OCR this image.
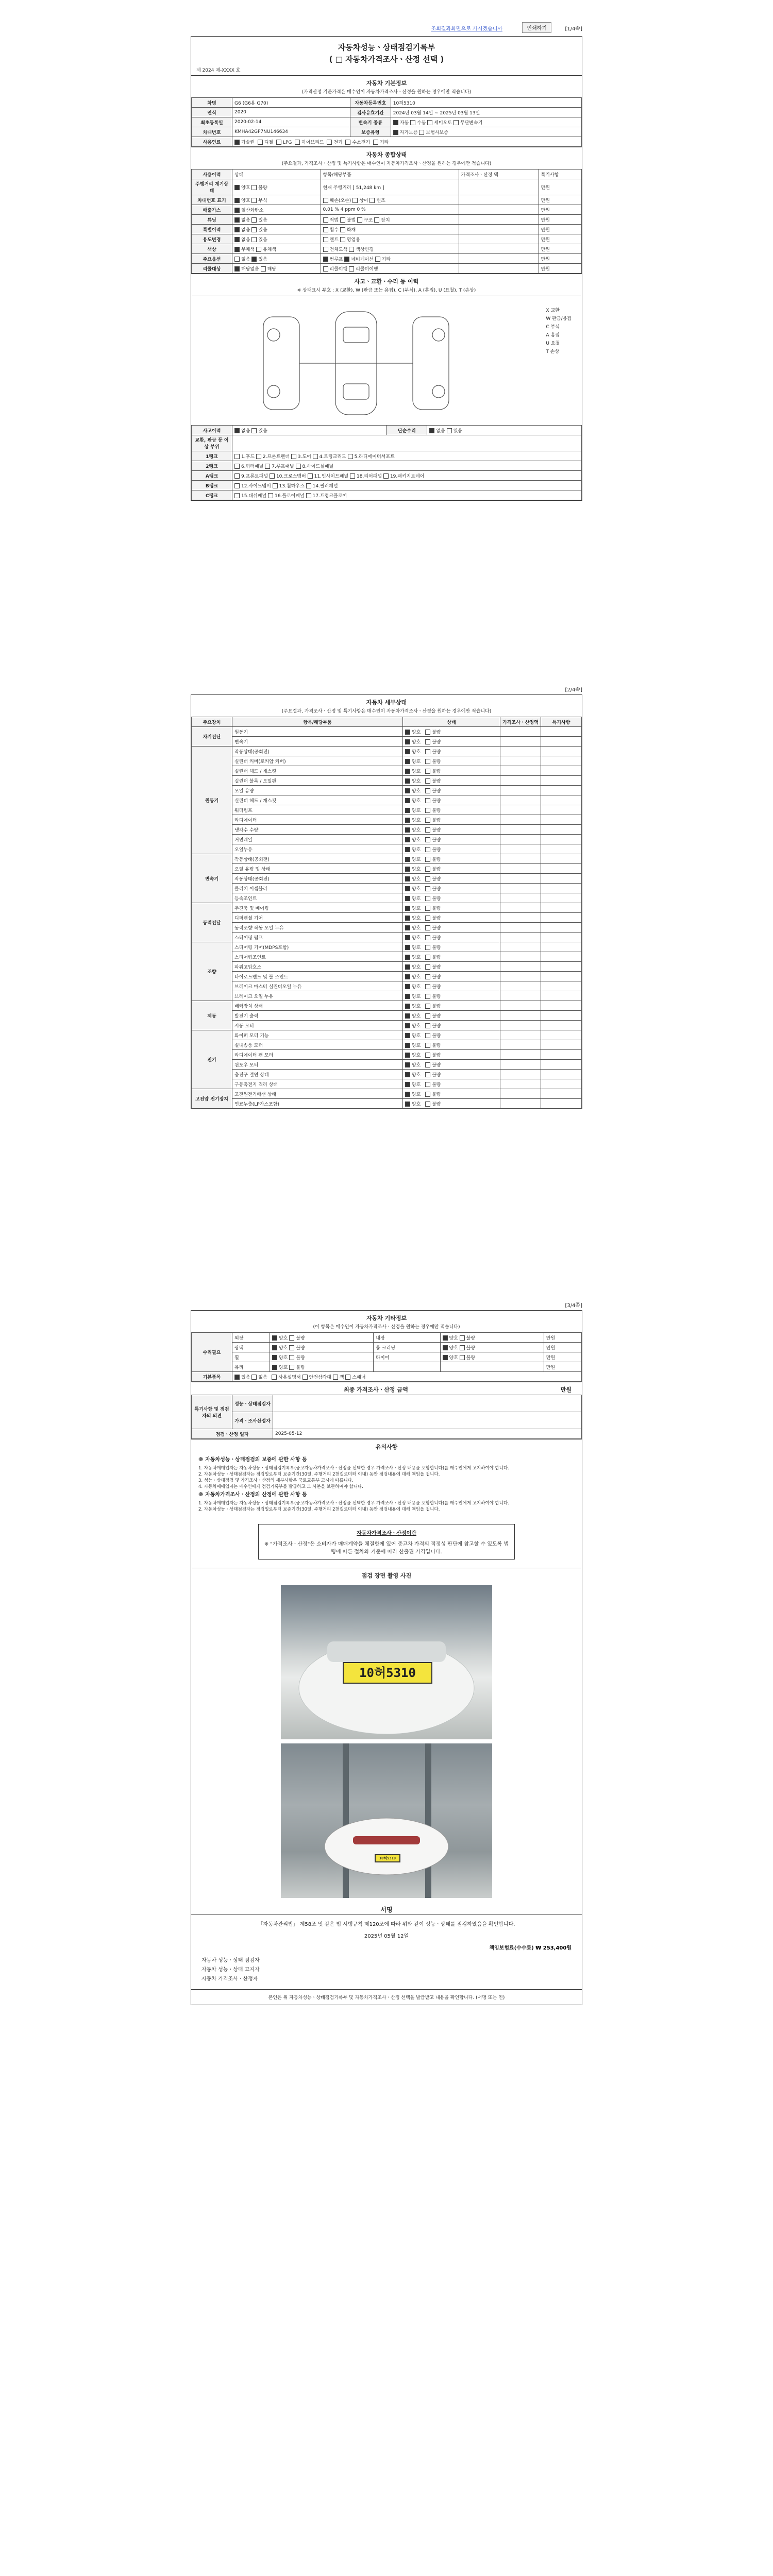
조회결과화면으로 가시겠습니까	인쇄하기	[1/4쪽]
자동차성능ㆍ상태점검기록부
( □ 자동차가격조사ㆍ산정 선택 )
제 2024 제-XXXX 호
자동차 기본정보
(가격산정 기준가격은 매수인이 자동차가격조사ㆍ산정을 원하는 경우에만 적습니다)
차명	G6 (G6용 G70)	자동차등록번호	10허5310
연식	2020	검사유효기간	2024년 03월 14일 ~ 2025년 03월 13일
최초등록일	2020-02-14	변속기 종류	자동 수동 세미오토 무단변속기
차대번호	KMHA42GP7NU146634	보증유형	자가보증 보험사보증
사용연료	가솔린 디젤 LPG 하이브리드 전기 수소전기 기타		
자동차 종합상태
(주요결과, 가격조사ㆍ산정 및 특기사항은 매수인이 자동차가격조사ㆍ산정을 원하는 경우에만 적습니다)
사용이력	상태	항목/해당부품	가격조사ㆍ산정 액	특기사항
주행거리 계기상태	양호 불량	현재 주행거리 [ 51,248 km ]		만원
차대번호 표기	양호 부식	훼손(오손) 상이 변조		만원
배출가스	일산화탄소	0.01 % 4 ppm 0 %		만원
튜닝	없음 있음	적법 불법 구조 장치		만원
특별이력	없음 있음	침수 화재		만원
용도변경	없음 있음	렌트 영업용		만원
색상	무채색 유채색	전체도색 색상변경		만원
주요옵션	없음 있음	썬루프 네비게이션 기타		만원
리콜대상	해당없음 해당	리콜이행 리콜미이행		만원
사고ㆍ교환ㆍ수리 등 이력
※ 상태표시 부호 : X (교환), W (판금 또는 용접), C (부식), A (흠집), U (요철), T (손상)
X 교환
W 판금/용접
C 부식
A 흠집
U 요철
T 손상
사고이력	없음 있음	단순수리	없음 있음
교환, 판금 등 이상 부위			
1랭크	1.후드 2.프론트펜더 3.도어 4.트렁크리드 5.라디에이터서포트		
2랭크	6.쿼터패널 7.루프패널 8.사이드실패널		
A랭크	9.프론트패널 10.크로스멤버 11.인사이드패널 18.리어패널 19.패키지트레이		
B랭크	12.사이드멤버 13.휠하우스 14.필러패널		
C랭크	15.대쉬패널 16.플로어패널 17.트렁크플로어		
[2/4쪽]
자동차 세부상태
(주요결과, 가격조사ㆍ산정 및 특기사항은 매수인이 자동차가격조사ㆍ산정을 원하는 경우에만 적습니다)
주요장치	항목/해당부품	상태	가격조사ㆍ산정액	특기사항
자기진단	원동기	양호 불량		
	변속기	양호 불량		
원동기	작동상태(공회전)	양호 불량		
	실린더 커버(로커암 커버)	양호 불량		
	실린더 헤드 / 개스킷	양호 불량		
	실린더 블록 / 오일팬	양호 불량		
	오일 유량	양호 불량		
	실린더 헤드 / 개스킷	양호 불량		
	워터펌프	양호 불량		
	라디에이터	양호 불량		
	냉각수 수량	양호 불량		
	커먼레일	양호 불량		
	오일누유	양호 불량		
변속기	작동상태(공회전)	양호 불량		
	오일 유량 및 상태	양호 불량		
	작동상태(공회전)	양호 불량		
	클러치 어셈블리	양호 불량		
	등속조인트	양호 불량		
동력전달	추진축 및 베어링	양호 불량		
	디퍼렌셜 기어	양호 불량		
	동력조향 작동 오일 누유	양호 불량		
	스티어링 펌프	양호 불량		
조향	스티어링 기어(MDPS포함)	양호 불량		
	스티어링조인트	양호 불량		
	파워고압호스	양호 불량		
	타이로드엔드 및 볼 조인트	양호 불량		
	브레이크 마스터 실린더오일 누유	양호 불량		
	브레이크 오일 누유	양호 불량		
제동	배력장치 상태	양호 불량		
	발전기 출력	양호 불량		
	시동 모터	양호 불량		
전기	와이퍼 모터 기능	양호 불량		
	실내송풍 모터	양호 불량		
	라디에이터 팬 모터	양호 불량		
	윈도우 모터	양호 불량		
	충전구 절연 상태	양호 불량		
	구동축전지 격리 상태	양호 불량		
고전압 전기장치	고전원전기배선 상태	양호 불량		
	연료누출(LP가스포함)	양호 불량		
[3/4쪽]
자동차 기타정보
(이 항목은 매수인이 자동차가격조사ㆍ산정을 원하는 경우에만 적습니다)
수리필요	외장	양호 불량	내장	양호 불량	만원
	광택	양호 불량	룸 크리닝	양호 불량	만원
	휠	양호 불량	타이어	양호 불량	만원
	유리	양호 불량			만원
기본품목	있음 없음   사용설명서 안전삼각대 잭 스패너				
최종 가격조사ㆍ산정 금액	만원
특기사항 및 점검자의 의견	성능ㆍ상태점검자	
	가격ㆍ조사산정자	
점검ㆍ산정 일자		2025-05-12
유의사항
※ 자동차성능ㆍ상태점검의 보증에 관한 사항 등
1. 자동차매매업자는 자동차성능ㆍ상태점검기록부(중고자동차가격조사ㆍ산정을 선택한 경우 가격조사ㆍ산정 내용을 포함합니다)를 매수인에게 고지하여야 합니다.
2. 자동차성능ㆍ상태점검자는 점검일로부터 보증기간(30일, 주행거리 2천킬로미터 이내) 동안 점검내용에 대해 책임을 집니다.
3. 성능ㆍ상태점검 및 가격조사ㆍ산정의 세부사항은 국토교통부 고시에 따릅니다.
4. 자동차매매업자는 매수인에게 점검기록부를 발급하고 그 사본을 보관하여야 합니다.
※ 자동차가격조사ㆍ산정의 산정에 관한 사항 등
1. 자동차매매업자는 자동차성능ㆍ상태점검기록부(중고자동차가격조사ㆍ산정을 선택한 경우 가격조사ㆍ산정 내용을 포함합니다)를 매수인에게 고지하여야 합니다.
2. 자동차성능ㆍ상태점검자는 점검일로부터 보증기간(30일, 주행거리 2천킬로미터 이내) 동안 점검내용에 대해 책임을 집니다.
자동차가격조사ㆍ산정이란
※ "가격조사ㆍ산정"은 소비자가 매매계약을 체결함에 있어 중고차 가격의 적정성 판단에 참고할 수 있도록 법령에 따른 절차와 기준에 따라 산출된 가격입니다.
점검 장면 촬영 사진
10허5310
10허5310
서명
「자동차관리법」 제58조 및 같은 법 시행규칙 제120조에 따라 위와 같이 성능ㆍ상태를 점검하였음을 확인합니다.
2025년 05월 12일
책임보험료(수수료) ₩ 253,400원
자동차 성능ㆍ상태 점검자
자동차 성능ㆍ상태 고지자
자동차 가격조사ㆍ산정자
본인은 위 자동차성능ㆍ상태점검기록부 및 자동차가격조사ㆍ산정 선택을 발급받고 내용을 확인합니다. (서명 또는 인)
